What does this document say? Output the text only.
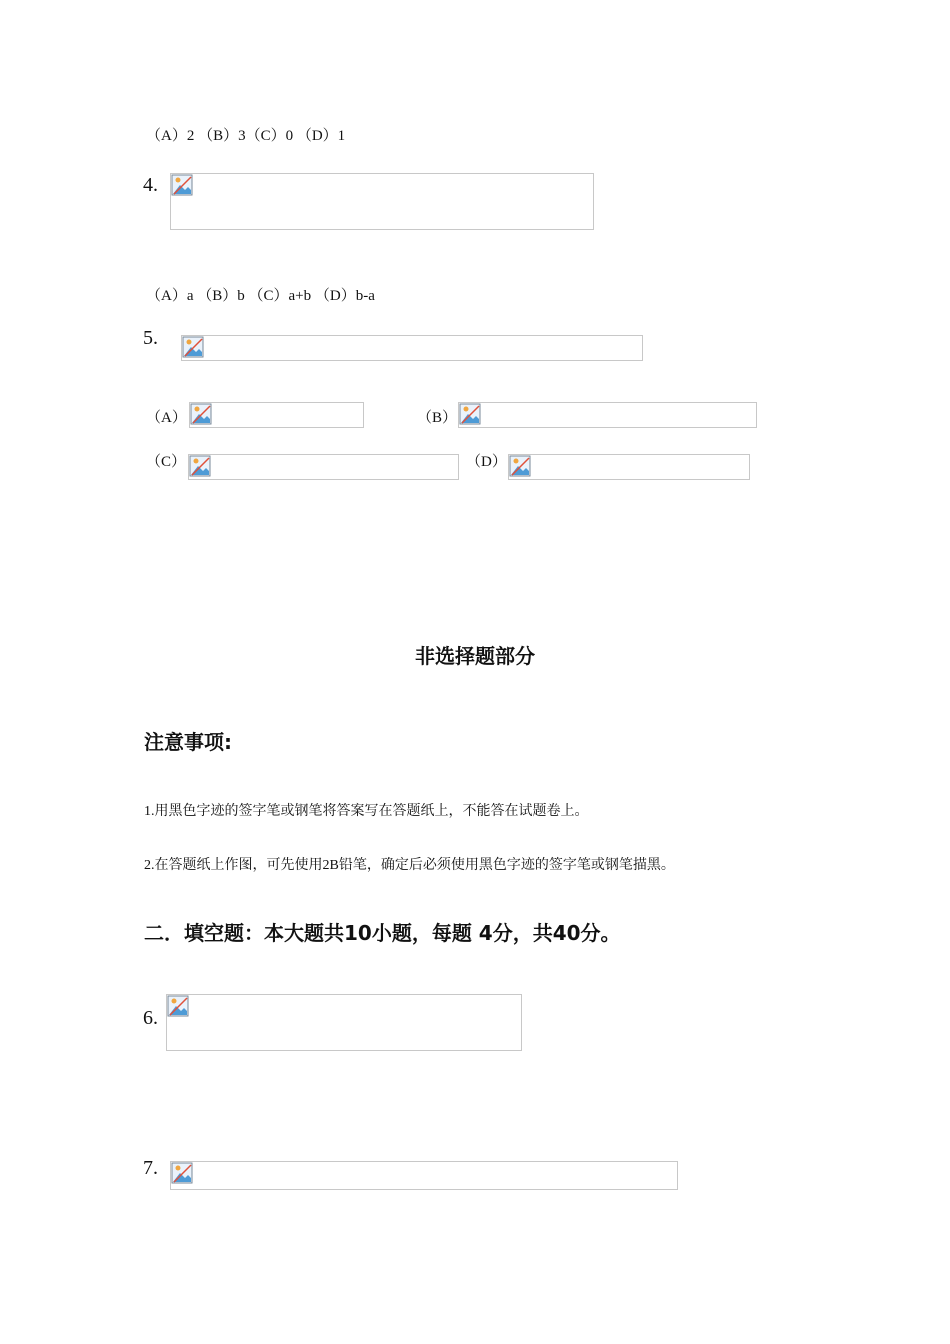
（A）2 （B）3（C）0 （D）1
4.
（A）a （B）b （C）a+b （D）b-a
5.
（A）	（B）
（C）	（D）
非选择题部分
注意事项:
1.用黑色字迹的签字笔或钢笔将答案写在答题纸上，不能答在试题卷上。
2.在答题纸上作图，可先使用2B铅笔，确定后必须使用黑色字迹的签字笔或钢笔描黑。
二．填空题：本大题共10小题，每题 4分，共40分。
6.
7.
